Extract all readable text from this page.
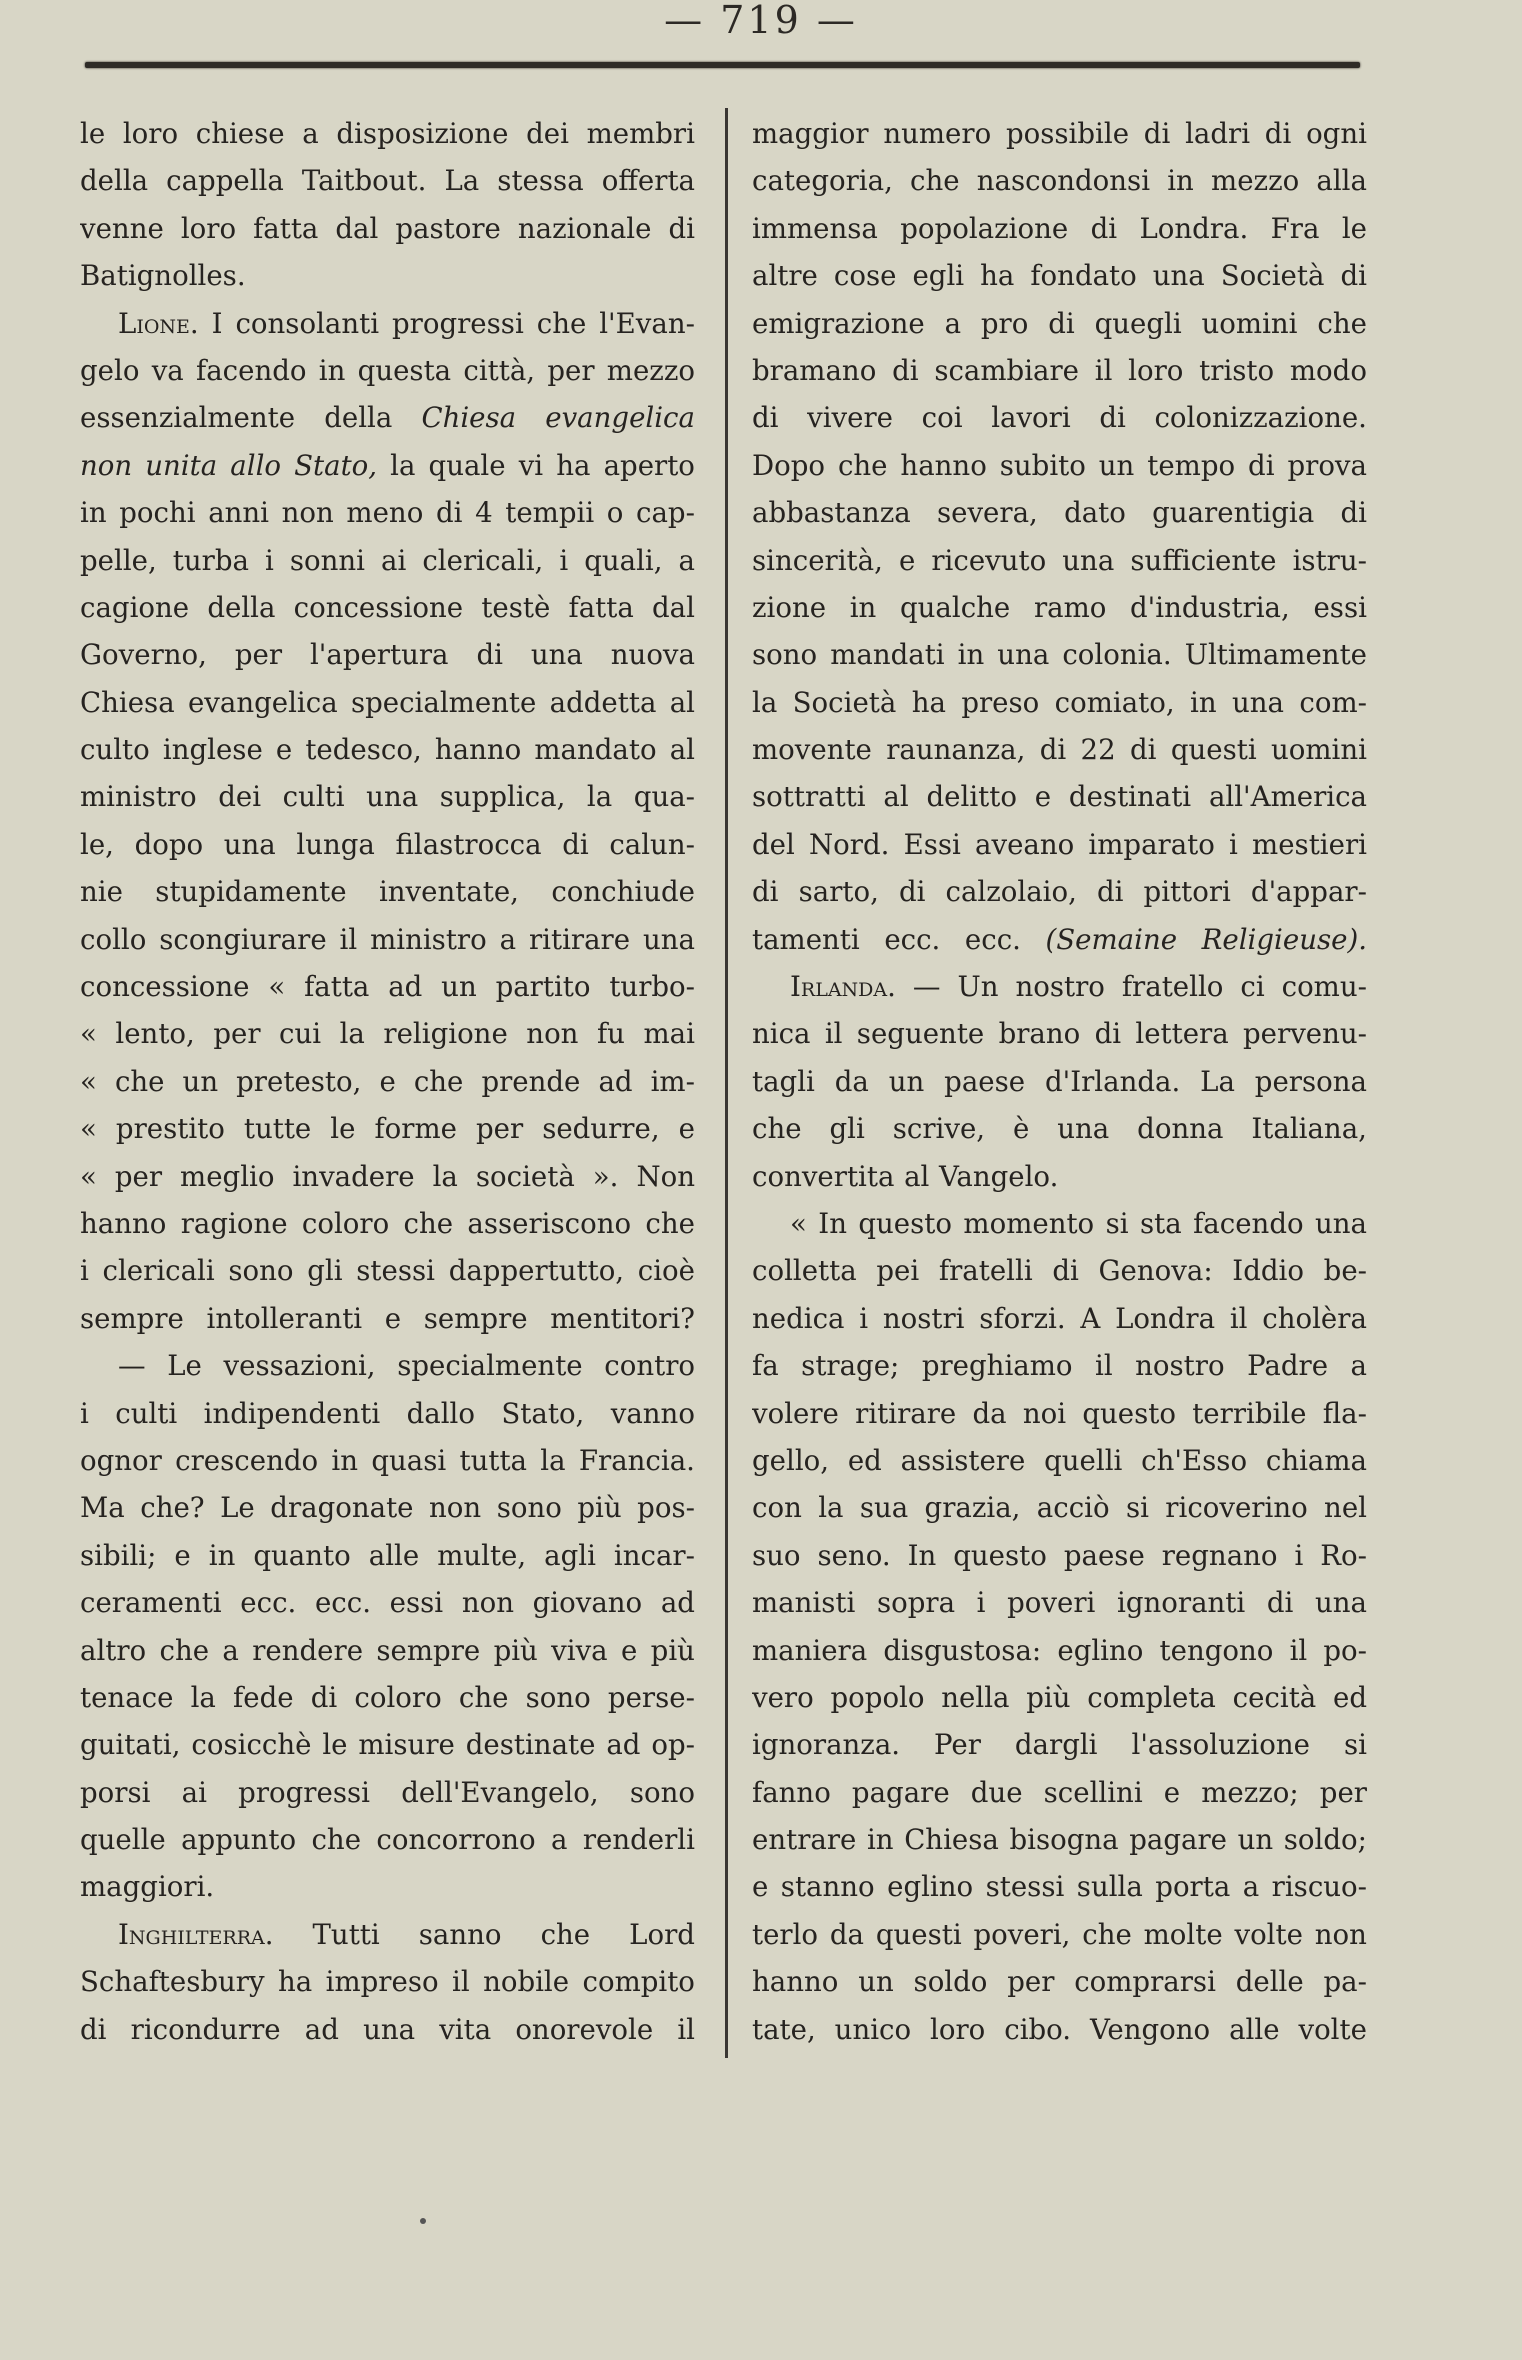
— 719 —
le loro chiese a disposizione dei membri
della cappella Taitbout. La stessa offerta
venne loro fatta dal pastore nazionale di
Batignolles.
Lione. I consolanti progressi che l'Evan-
gelo va facendo in questa città, per mezzo
essenzialmente della Chiesa evangelica
non unita allo Stato, la quale vi ha aperto
in pochi anni non meno di 4 tempii o cap-
pelle, turba i sonni ai clericali, i quali, a
cagione della concessione testè fatta dal
Governo, per l'apertura di una nuova
Chiesa evangelica specialmente addetta al
culto inglese e tedesco, hanno mandato al
ministro dei culti una supplica, la qua-
le, dopo una lunga filastrocca di calun-
nie stupidamente inventate, conchiude
collo scongiurare il ministro a ritirare una
concessione « fatta ad un partito turbo-
« lento, per cui la religione non fu mai
« che un pretesto, e che prende ad im-
« prestito tutte le forme per sedurre, e
« per meglio invadere la società ». Non
hanno ragione coloro che asseriscono che
i clericali sono gli stessi dappertutto, cioè
sempre intolleranti e sempre mentitori?
— Le vessazioni, specialmente contro
i culti indipendenti dallo Stato, vanno
ognor crescendo in quasi tutta la Francia.
Ma che? Le dragonate non sono più pos-
sibili; e in quanto alle multe, agli incar-
ceramenti ecc. ecc. essi non giovano ad
altro che a rendere sempre più viva e più
tenace la fede di coloro che sono perse-
guitati, cosicchè le misure destinate ad op-
porsi ai progressi dell'Evangelo, sono
quelle appunto che concorrono a renderli
maggiori.
Inghilterra. Tutti sanno che Lord
Schaftesbury ha impreso il nobile compito
di ricondurre ad una vita onorevole il
maggior numero possibile di ladri di ogni
categoria, che nascondonsi in mezzo alla
immensa popolazione di Londra. Fra le
altre cose egli ha fondato una Società di
emigrazione a pro di quegli uomini che
bramano di scambiare il loro tristo modo
di vivere coi lavori di colonizzazione.
Dopo che hanno subito un tempo di prova
abbastanza severa, dato guarentigia di
sincerità, e ricevuto una sufficiente istru-
zione in qualche ramo d'industria, essi
sono mandati in una colonia. Ultimamente
la Società ha preso comiato, in una com-
movente raunanza, di 22 di questi uomini
sottratti al delitto e destinati all'America
del Nord. Essi aveano imparato i mestieri
di sarto, di calzolaio, di pittori d'appar-
tamenti ecc. ecc. (Semaine Religieuse).
Irlanda. — Un nostro fratello ci comu-
nica il seguente brano di lettera pervenu-
tagli da un paese d'Irlanda. La persona
che gli scrive, è una donna Italiana,
convertita al Vangelo.
« In questo momento si sta facendo una
colletta pei fratelli di Genova: Iddio be-
nedica i nostri sforzi. A Londra il cholèra
fa strage; preghiamo il nostro Padre a
volere ritirare da noi questo terribile fla-
gello, ed assistere quelli ch'Esso chiama
con la sua grazia, acciò si ricoverino nel
suo seno. In questo paese regnano i Ro-
manisti sopra i poveri ignoranti di una
maniera disgustosa: eglino tengono il po-
vero popolo nella più completa cecità ed
ignoranza. Per dargli l'assoluzione si
fanno pagare due scellini e mezzo; per
entrare in Chiesa bisogna pagare un soldo;
e stanno eglino stessi sulla porta a riscuo-
terlo da questi poveri, che molte volte non
hanno un soldo per comprarsi delle pa-
tate, unico loro cibo. Vengono alle volte
